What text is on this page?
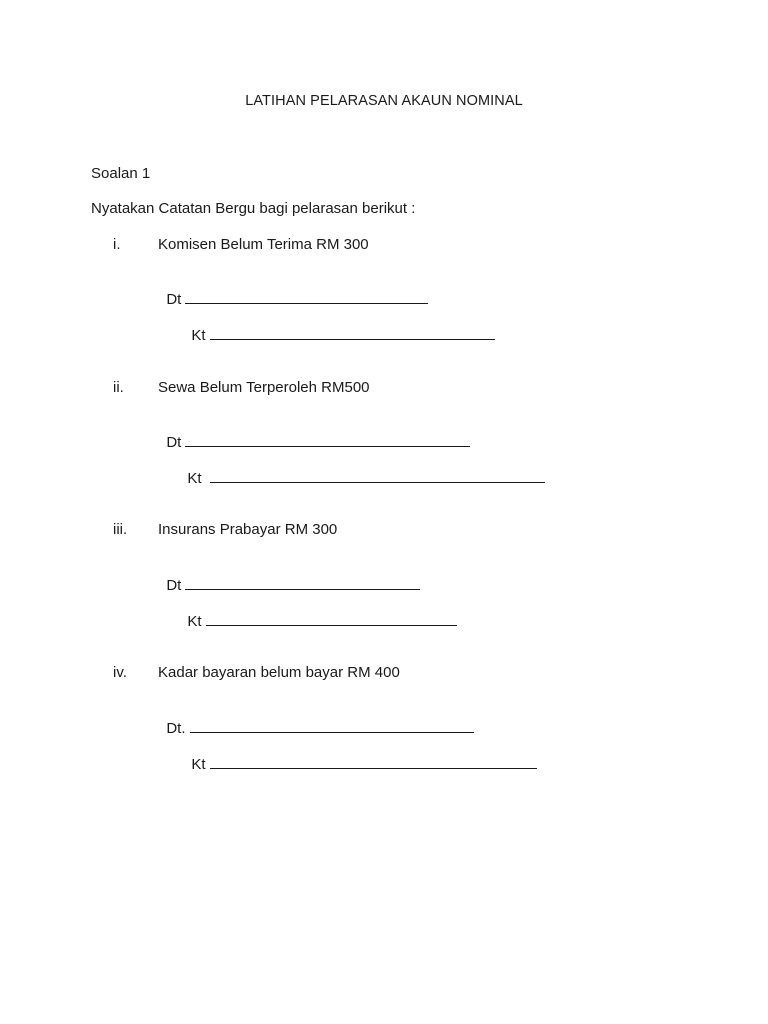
LATIHAN PELARASAN AKAUN NOMINAL
Soalan 1
Nyatakan Catatan Bergu bagi pelarasan berikut :
i.	Komisen Belum Terima RM 300

Dt

Kt

ii. Sewa Belum Terperoleh RM500

Dt

Kt

iii. Insurans Prabayar RM 300

Dt

Kt

iv. Kadar bayaran belum bayar RM 400

Dt.

Kt
